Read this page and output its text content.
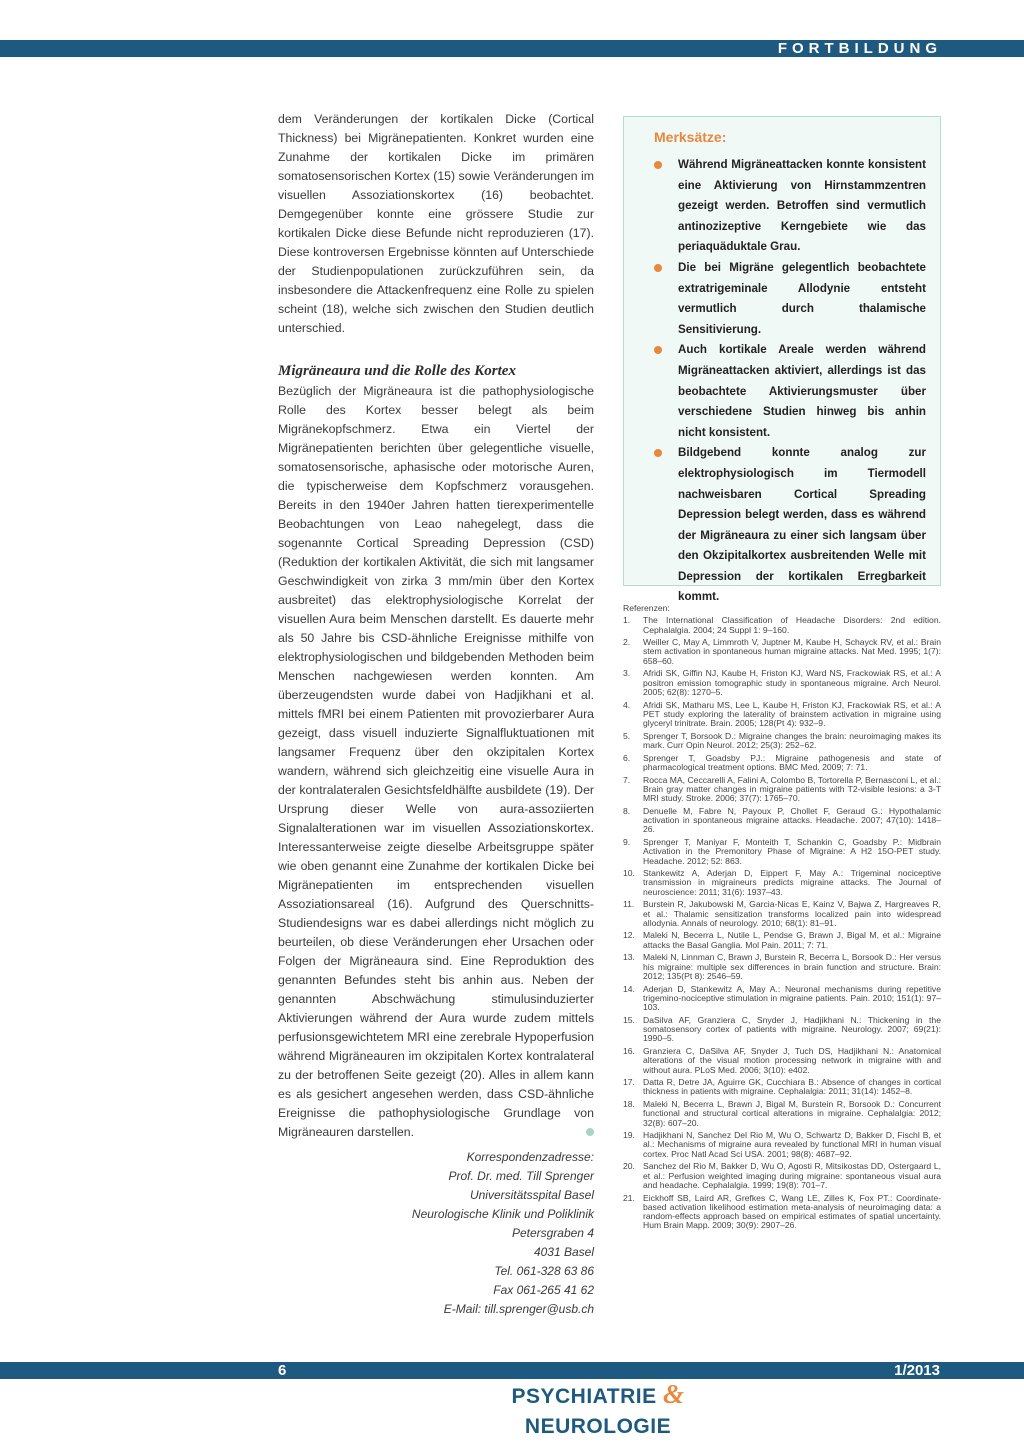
FORTBILDUNG

dem Veränderungen der kortikalen Dicke (Cortical Thickness) bei Migränepatienten. Konkret wurden eine Zunahme der kortikalen Dicke im primären somatosensorischen Kortex (15) sowie Veränderungen im visuellen Assoziationskortex (16) beobachtet. Demgegenüber konnte eine grössere Studie zur kortikalen Dicke diese Befunde nicht reproduzieren (17). Diese kontroversen Ergebnisse könnten auf Unterschiede der Studienpopulationen zurückzuführen sein, da insbesondere die Attackenfrequenz eine Rolle zu spielen scheint (18), welche sich zwischen den Studien deutlich unterschied.

Migräneaura und die Rolle des Kortex

Bezüglich der Migräneaura ist die pathophysiologische Rolle des Kortex besser belegt als beim Migränekopfschmerz. Etwa ein Viertel der Migränepatienten berichten über gelegentliche visuelle, somatosensorische, aphasische oder motorische Auren, die typischerweise dem Kopfschmerz vorausgehen. Bereits in den 1940er Jahren hatten tierexperimentelle Beobachtungen von Leao nahegelegt, dass die sogenannte Cortical Spreading Depression (CSD) (Reduktion der kortikalen Aktivität, die sich mit langsamer Geschwindigkeit von zirka 3 mm/min über den Kortex ausbreitet) das elektrophysiologische Korrelat der visuellen Aura beim Menschen darstellt. Es dauerte mehr als 50 Jahre bis CSD-ähnliche Ereignisse mithilfe von elektrophysiologischen und bildgebenden Methoden beim Menschen nachgewiesen werden konnten. Am überzeugendsten wurde dabei von Hadjikhani et al. mittels fMRI bei einem Patienten mit provozierbarer Aura gezeigt, dass visuell induzierte Signalfluktuationen mit langsamer Frequenz über den okzipitalen Kortex wandern, während sich gleichzeitig eine visuelle Aura in der kontralateralen Gesichtsfeldhälfte ausbildete (19). Der Ursprung dieser Welle von aura-assoziierten Signalalterationen war im visuellen Assoziationskortex. Interessanterweise zeigte dieselbe Arbeitsgruppe später wie oben genannt eine Zunahme der kortikalen Dicke bei Migränepatienten im entsprechenden visuellen Assoziationsareal (16). Aufgrund des Querschnitts-Studiendesigns war es dabei allerdings nicht möglich zu beurteilen, ob diese Veränderungen eher Ursachen oder Folgen der Migräneaura sind. Eine Reproduktion des genannten Befundes steht bis anhin aus. Neben der genannten Abschwächung stimulusinduzierter Aktivierungen während der Aura wurde zudem mittels perfusionsgewichtetem MRI eine zerebrale Hypoperfusion während Migräneauren im okzipitalen Kortex kontralateral zu der betroffenen Seite gezeigt (20). Alles in allem kann es als gesichert angesehen werden, dass CSD-ähnliche Ereignisse die pathophysiologische Grundlage von Migräneauren darstellen.

Korrespondenzadresse:
Prof. Dr. med. Till Sprenger
Universitätsspital Basel
Neurologische Klinik und Poliklinik
Petersgraben 4
4031 Basel
Tel. 061-328 63 86
Fax 061-265 41 62
E-Mail: till.sprenger@usb.ch
Merksätze:
Während Migräneattacken konnte konsistent eine Aktivierung von Hirnstammzentren gezeigt werden. Betroffen sind vermutlich antinozizeptive Kerngebiete wie das periaquäduktale Grau.
Die bei Migräne gelegentlich beobachtete extratrigeminale Allodynie entsteht vermutlich durch thalamische Sensitivierung.
Auch kortikale Areale werden während Migräneattacken aktiviert, allerdings ist das beobachtete Aktivierungsmuster über verschiedene Studien hinweg bis anhin nicht konsistent.
Bildgebend konnte analog zur elektrophysiologisch im Tiermodell nachweisbaren Cortical Spreading Depression belegt werden, dass es während der Migräneaura zu einer sich langsam über den Okzipitalkortex ausbreitenden Welle mit Depression der kortikalen Erregbarkeit kommt.
Referenzen:
1. The International Classification of Headache Disorders: 2nd edition. Cephalalgia. 2004; 24 Suppl 1: 9–160.
2. Weiller C, May A, Limmroth V, Juptner M, Kaube H, Schayck RV, et al.: Brain stem activation in spontaneous human migraine attacks. Nat Med. 1995; 1(7): 658–60.
3. Afridi SK, Giffin NJ, Kaube H, Friston KJ, Ward NS, Frackowiak RS, et al.: A positron emission tomographic study in spontaneous migraine. Arch Neurol. 2005; 62(8): 1270–5.
4. Afridi SK, Matharu MS, Lee L, Kaube H, Friston KJ, Frackowiak RS, et al.: A PET study exploring the laterality of brainstem activation in migraine using glyceryl trinitrate. Brain. 2005; 128(Pt 4): 932–9.
5. Sprenger T, Borsook D.: Migraine changes the brain: neuroimaging makes its mark. Curr Opin Neurol. 2012; 25(3): 252–62.
6. Sprenger T, Goadsby PJ.: Migraine pathogenesis and state of pharmacological treatment options. BMC Med. 2009; 7: 71.
7. Rocca MA, Ceccarelli A, Falini A, Colombo B, Tortorella P, Bernasconi L, et al.: Brain gray matter changes in migraine patients with T2-visible lesions: a 3-T MRI study. Stroke. 2006; 37(7): 1765–70.
8. Denuelle M, Fabre N, Payoux P, Chollet F, Geraud G.: Hypothalamic activation in spontaneous migraine attacks. Headache. 2007; 47(10): 1418–26.
9. Sprenger T, Maniyar F, Monteith T, Schankin C, Goadsby P.: Midbrain Activation in the Premonitory Phase of Migraine: A H2 15O-PET study. Headache. 2012; 52: 863.
10. Stankewitz A, Aderjan D, Eippert F, May A.: Trigeminal nociceptive transmission in migraineurs predicts migraine attacks. The Journal of neuroscience: 2011; 31(6): 1937–43.
11. Burstein R, Jakubowski M, Garcia-Nicas E, Kainz V, Bajwa Z, Hargreaves R, et al.: Thalamic sensitization transforms localized pain into widespread allodynia. Annals of neurology. 2010; 68(1): 81–91.
12. Maleki N, Becerra L, Nutile L, Pendse G, Brawn J, Bigal M, et al.: Migraine attacks the Basal Ganglia. Mol Pain. 2011; 7: 71.
13. Maleki N, Linnman C, Brawn J, Burstein R, Becerra L, Borsook D.: Her versus his migraine: multiple sex differences in brain function and structure. Brain: 2012; 135(Pt 8): 2546–59.
14. Aderjan D, Stankewitz A, May A.: Neuronal mechanisms during repetitive trigemino-nociceptive stimulation in migraine patients. Pain. 2010; 151(1): 97–103.
15. DaSilva AF, Granziera C, Snyder J, Hadjikhani N.: Thickening in the somatosensory cortex of patients with migraine. Neurology. 2007; 69(21): 1990–5.
16. Granziera C, DaSilva AF, Snyder J, Tuch DS, Hadjikhani N.: Anatomical alterations of the visual motion processing network in migraine with and without aura. PLoS Med. 2006; 3(10): e402.
17. Datta R, Detre JA, Aguirre GK, Cucchiara B.: Absence of changes in cortical thickness in patients with migraine. Cephalalgia: 2011; 31(14): 1452–8.
18. Maleki N, Becerra L, Brawn J, Bigal M, Burstein R, Borsook D.: Concurrent functional and structural cortical alterations in migraine. Cephalalgia: 2012; 32(8): 607–20.
19. Hadjikhani N, Sanchez Del Rio M, Wu O, Schwartz D, Bakker D, Fischl B, et al.: Mechanisms of migraine aura revealed by functional MRI in human visual cortex. Proc Natl Acad Sci USA. 2001; 98(8): 4687–92.
20. Sanchez del Rio M, Bakker D, Wu O, Agosti R, Mitsikostas DD, Ostergaard L, et al.: Perfusion weighted imaging during migraine: spontaneous visual aura and headache. Cephalalgia. 1999; 19(8): 701–7.
21. Eickhoff SB, Laird AR, Grefkes C, Wang LE, Zilles K, Fox PT.: Coordinate-based activation likelihood estimation meta-analysis of neuroimaging data: a random-effects approach based on empirical estimates of spatial uncertainty. Hum Brain Mapp. 2009; 30(9): 2907–26.
6	1/2013
PSYCHIATRIE & NEUROLOGIE
